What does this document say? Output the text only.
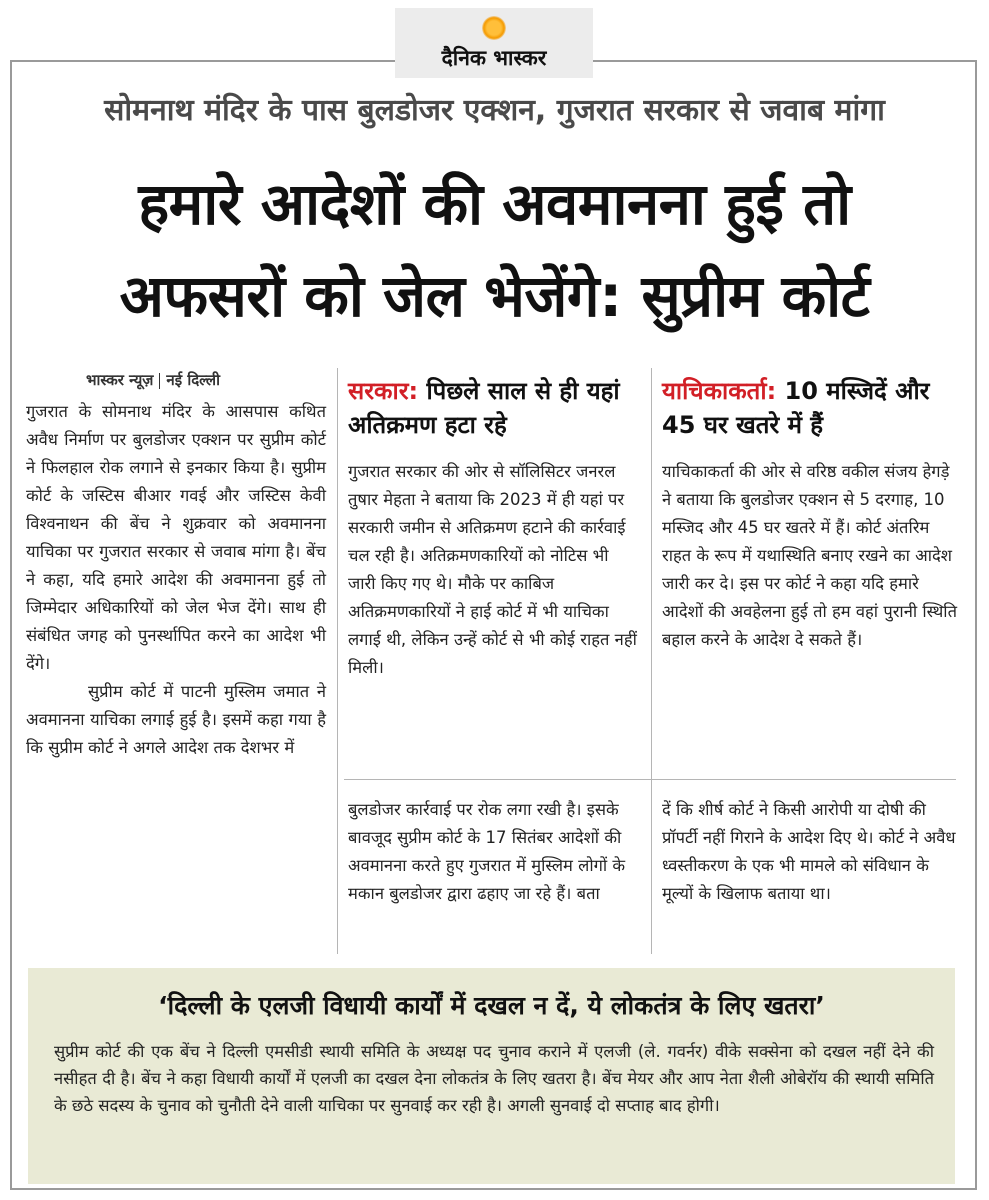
दैनिक भास्कर
सोमनाथ मंदिर के पास बुलडोजर एक्शन, गुजरात सरकार से जवाब मांगा
हमारे आदेशों की अवमानना हुई तो
अफसरों को जेल भेजेंगे: सुप्रीम कोर्ट
भास्कर न्यूज़ नई दिल्ली

गुजरात के सोमनाथ मंदिर के आसपास कथित अवैध निर्माण पर बुलडोजर एक्शन पर सुप्रीम कोर्ट ने फिलहाल रोक लगाने से इनकार किया है। सुप्रीम कोर्ट के जस्टिस बीआर गवई और जस्टिस केवी विश्वनाथन की बेंच ने शुक्रवार को अवमानना याचिका पर गुजरात सरकार से जवाब मांगा है। बेंच ने कहा, यदि हमारे आदेश की अवमानना हुई तो जिम्मेदार अधिकारियों को जेल भेज देंगे। साथ ही संबंधित जगह को पुनर्स्थापित करने का आदेश भी देंगे।

सुप्रीम कोर्ट में पाटनी मुस्लिम जमात ने अवमानना याचिका लगाई हुई है। इसमें कहा गया है कि सुप्रीम कोर्ट ने अगले आदेश तक देशभर में

सरकार: पिछले साल से ही यहां अतिक्रमण हटा रहे
गुजरात सरकार की ओर से सॉलिसिटर जनरल तुषार मेहता ने बताया कि 2023 में ही यहां पर सरकारी जमीन से अतिक्रमण हटाने की कार्रवाई चल रही है। अतिक्रमणकारियों को नोटिस भी जारी किए गए थे। मौके पर काबिज अतिक्रमणकारियों ने हाई कोर्ट में भी याचिका लगाई थी, लेकिन उन्हें कोर्ट से भी कोई राहत नहीं मिली।
याचिकाकर्ता: 10 मस्जिदें और 45 घर खतरे में हैं
याचिकाकर्ता की ओर से वरिष्ठ वकील संजय हेगड़े ने बताया कि बुलडोजर एक्शन से 5 दरगाह, 10 मस्जिद और 45 घर खतरे में हैं। कोर्ट अंतरिम राहत के रूप में यथास्थिति बनाए रखने का आदेश जारी कर दे। इस पर कोर्ट ने कहा यदि हमारे आदेशों की अवहेलना हुई तो हम वहां पुरानी स्थिति बहाल करने के आदेश दे सकते हैं।
बुलडोजर कार्रवाई पर रोक लगा रखी है। इसके बावजूद सुप्रीम कोर्ट के 17 सितंबर आदेशों की अवमानना करते हुए गुजरात में मुस्लिम लोगों के मकान बुलडोजर द्वारा ढहाए जा रहे हैं। बता
दें कि शीर्ष कोर्ट ने किसी आरोपी या दोषी की प्रॉपर्टी नहीं गिराने के आदेश दिए थे। कोर्ट ने अवैध ध्वस्तीकरण के एक भी मामले को संविधान के मूल्यों के खिलाफ बताया था।
‘दिल्ली के एलजी विधायी कार्यों में दखल न दें, ये लोकतंत्र के लिए खतरा’
सुप्रीम कोर्ट की एक बेंच ने दिल्ली एमसीडी स्थायी समिति के अध्यक्ष पद चुनाव कराने में एलजी (ले. गवर्नर) वीके सक्सेना को दखल नहीं देने की नसीहत दी है। बेंच ने कहा विधायी कार्यों में एलजी का दखल देना लोकतंत्र के लिए खतरा है। बेंच मेयर और आप नेता शैली ओबेरॉय की स्थायी समिति के छठे सदस्य के चुनाव को चुनौती देने वाली याचिका पर सुनवाई कर रही है। अगली सुनवाई दो सप्ताह बाद होगी।
